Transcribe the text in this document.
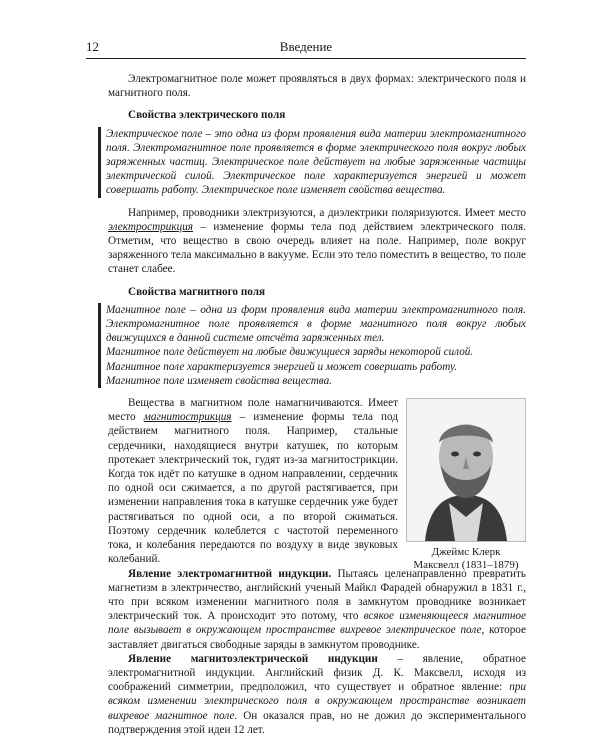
12	Введение

Электромагнитное поле может проявляться в двух формах: электрического поля и магнитного поля.

Свойства электрического поля

Электрическое поле – это одна из форм проявления вида материи электромагнитного поля. Электромагнитное поле проявляется в форме электрического поля вокруг любых заряженных частиц. Электрическое поле действует на любые заряженные частицы электрической силой. Электрическое поле характеризуется энергией и может совершать работу. Электрическое поле изменяет свойства вещества.

Например, проводники электризуются, а диэлектрики поляризуются. Имеет место электрострикция – изменение формы тела под действием электрического поля. Отметим, что вещество в свою очередь влияет на поле. Например, поле вокруг заряженного тела максимально в вакууме. Если это тело поместить в вещество, то поле станет слабее.

Свойства магнитного поля

Магнитное поле – одна из форм проявления вида материи электромагнитного поля. Электромагнитное поле проявляется в форме магнитного поля вокруг любых движущихся в данной системе отсчёта заряженных тел.

Магнитное поле действует на любые движущиеся заряды некоторой силой.

Магнитное поле характеризуется энергией и может совершать работу.

Магнитное поле изменяет свойства вещества.

Джеймс Клерк
Максвелл (1831–1879)

Вещества в магнитном поле намагничиваются. Имеет место магнитострикция – изменение формы тела под действием магнитного поля. Например, стальные сердечники, находящиеся внутри катушек, по которым протекает электрический ток, гудят из-за магнитострикции. Когда ток идёт по катушке в одном направлении, сердечник по одной оси сжимается, а по другой растягивается, при изменении направления тока в катушке сердечник уже будет растягиваться по одной оси, а по второй сжиматься. Поэтому сердечник колеблется с частотой переменного тока, и колебания передаются по воздуху в виде звуковых колебаний.

Явление электромагнитной индукции. Пытаясь целенаправленно превратить магнетизм в электричество, английский ученый Майкл Фарадей обнаружил в 1831 г., что при всяком изменении магнитного поля в замкнутом проводнике возникает электрический ток. А происходит это потому, что всякое изменяющееся магнитное поле вызывает в окружающем пространстве вихревое электрическое поле, которое заставляет двигаться свободные заряды в замкнутом проводнике.

Явление магнитоэлектрической индукции – явление, обратное электромагнитной индукции. Английский физик Д. К. Максвелл, исходя из соображений симметрии, предположил, что существует и обратное явление: при всяком изменении электрического поля в окружающем пространстве возникает вихревое магнитное поле. Он оказался прав, но не дожил до экспериментального подтверждения этой идеи 12 лет.
